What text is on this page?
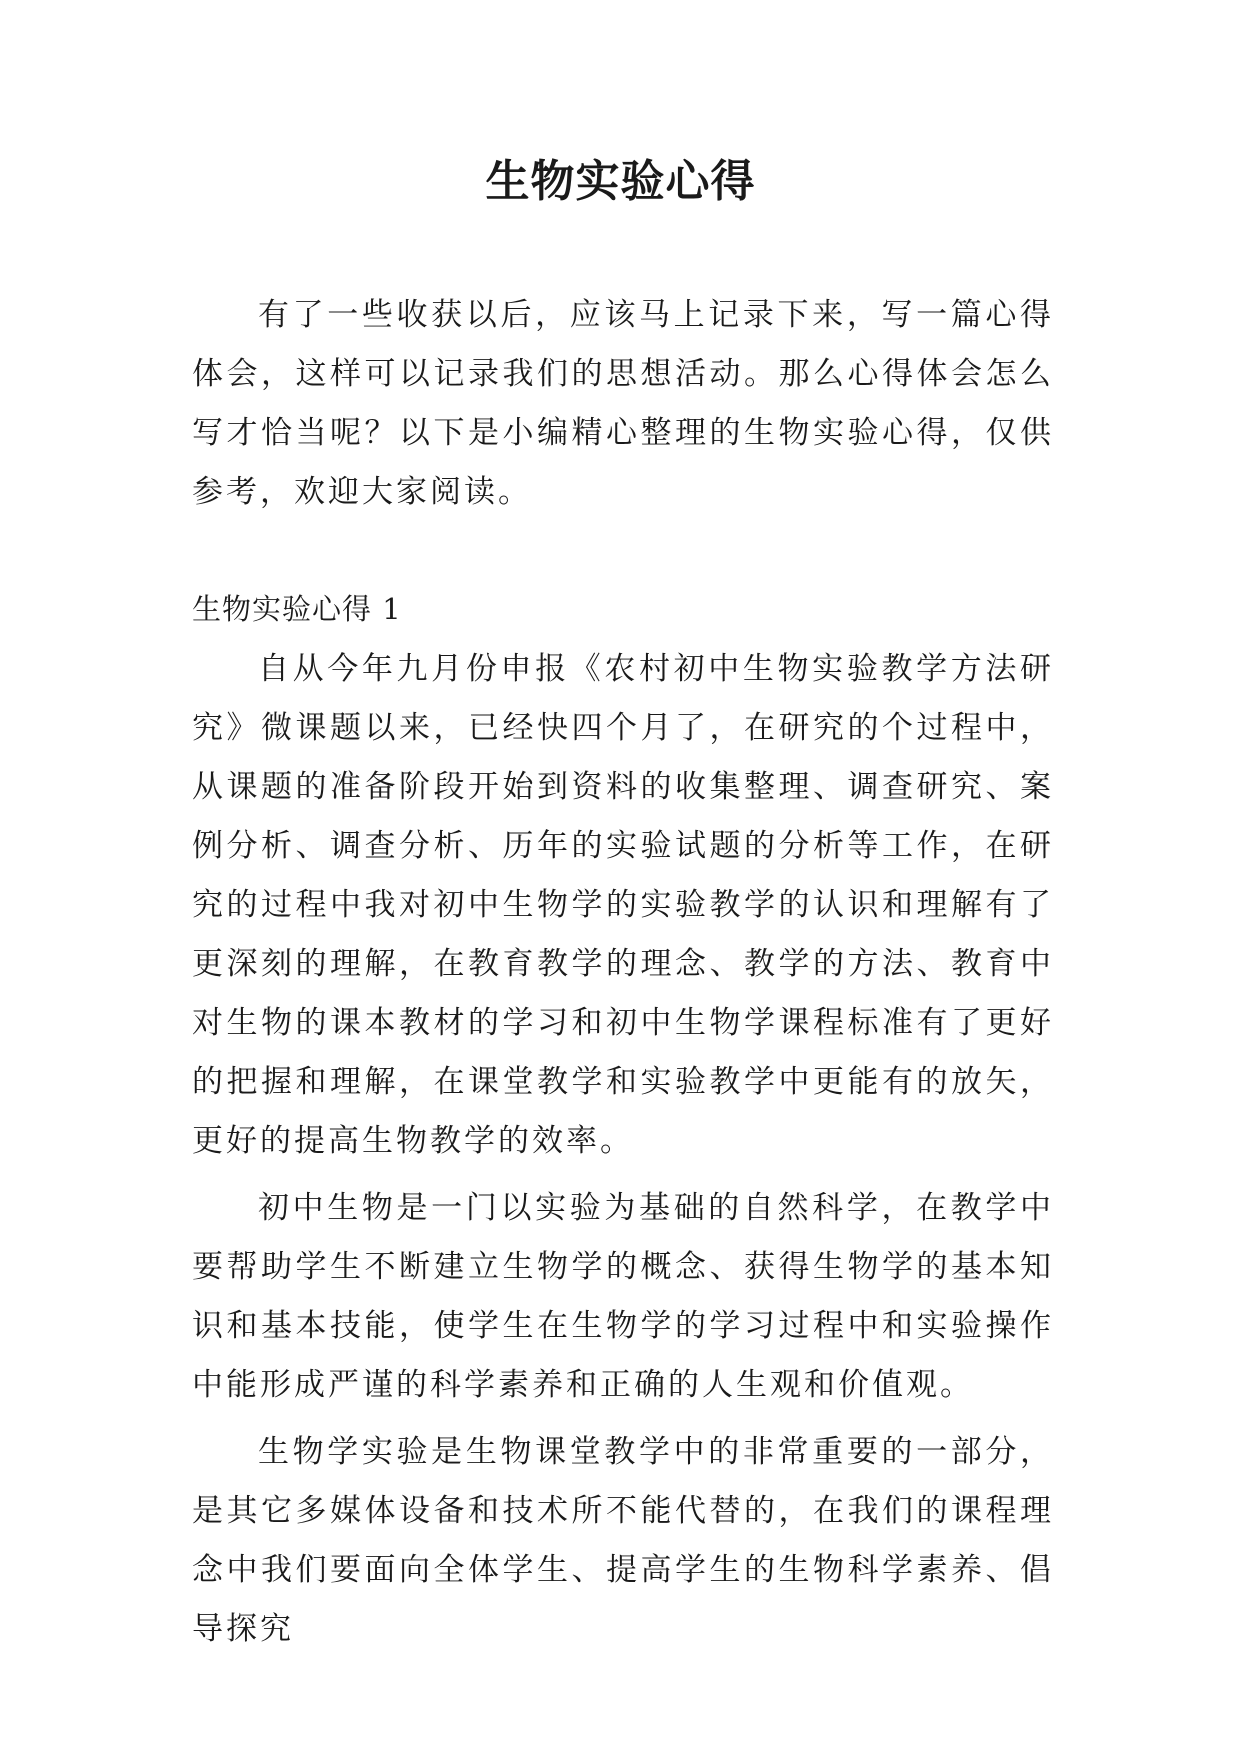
生物实验心得

有了一些收获以后，应该马上记录下来，写一篇心得体会，这样可以记录我们的思想活动。那么心得体会怎么写才恰当呢？以下是小编精心整理的生物实验心得，仅供参考，欢迎大家阅读。

生物实验心得 1

自从今年九月份申报《农村初中生物实验教学方法研究》微课题以来，已经快四个月了，在研究的个过程中，从课题的准备阶段开始到资料的收集整理、调查研究、案例分析、调查分析、历年的实验试题的分析等工作，在研究的过程中我对初中生物学的实验教学的认识和理解有了更深刻的理解，在教育教学的理念、教学的方法、教育中对生物的课本教材的学习和初中生物学课程标准有了更好的把握和理解，在课堂教学和实验教学中更能有的放矢，更好的提高生物教学的效率。

初中生物是一门以实验为基础的自然科学，在教学中要帮助学生不断建立生物学的概念、获得生物学的基本知识和基本技能，使学生在生物学的学习过程中和实验操作中能形成严谨的科学素养和正确的人生观和价值观。

生物学实验是生物课堂教学中的非常重要的一部分，是其它多媒体设备和技术所不能代替的，在我们的课程理念中我们要面向全体学生、提高学生的生物科学素养、倡导探究
